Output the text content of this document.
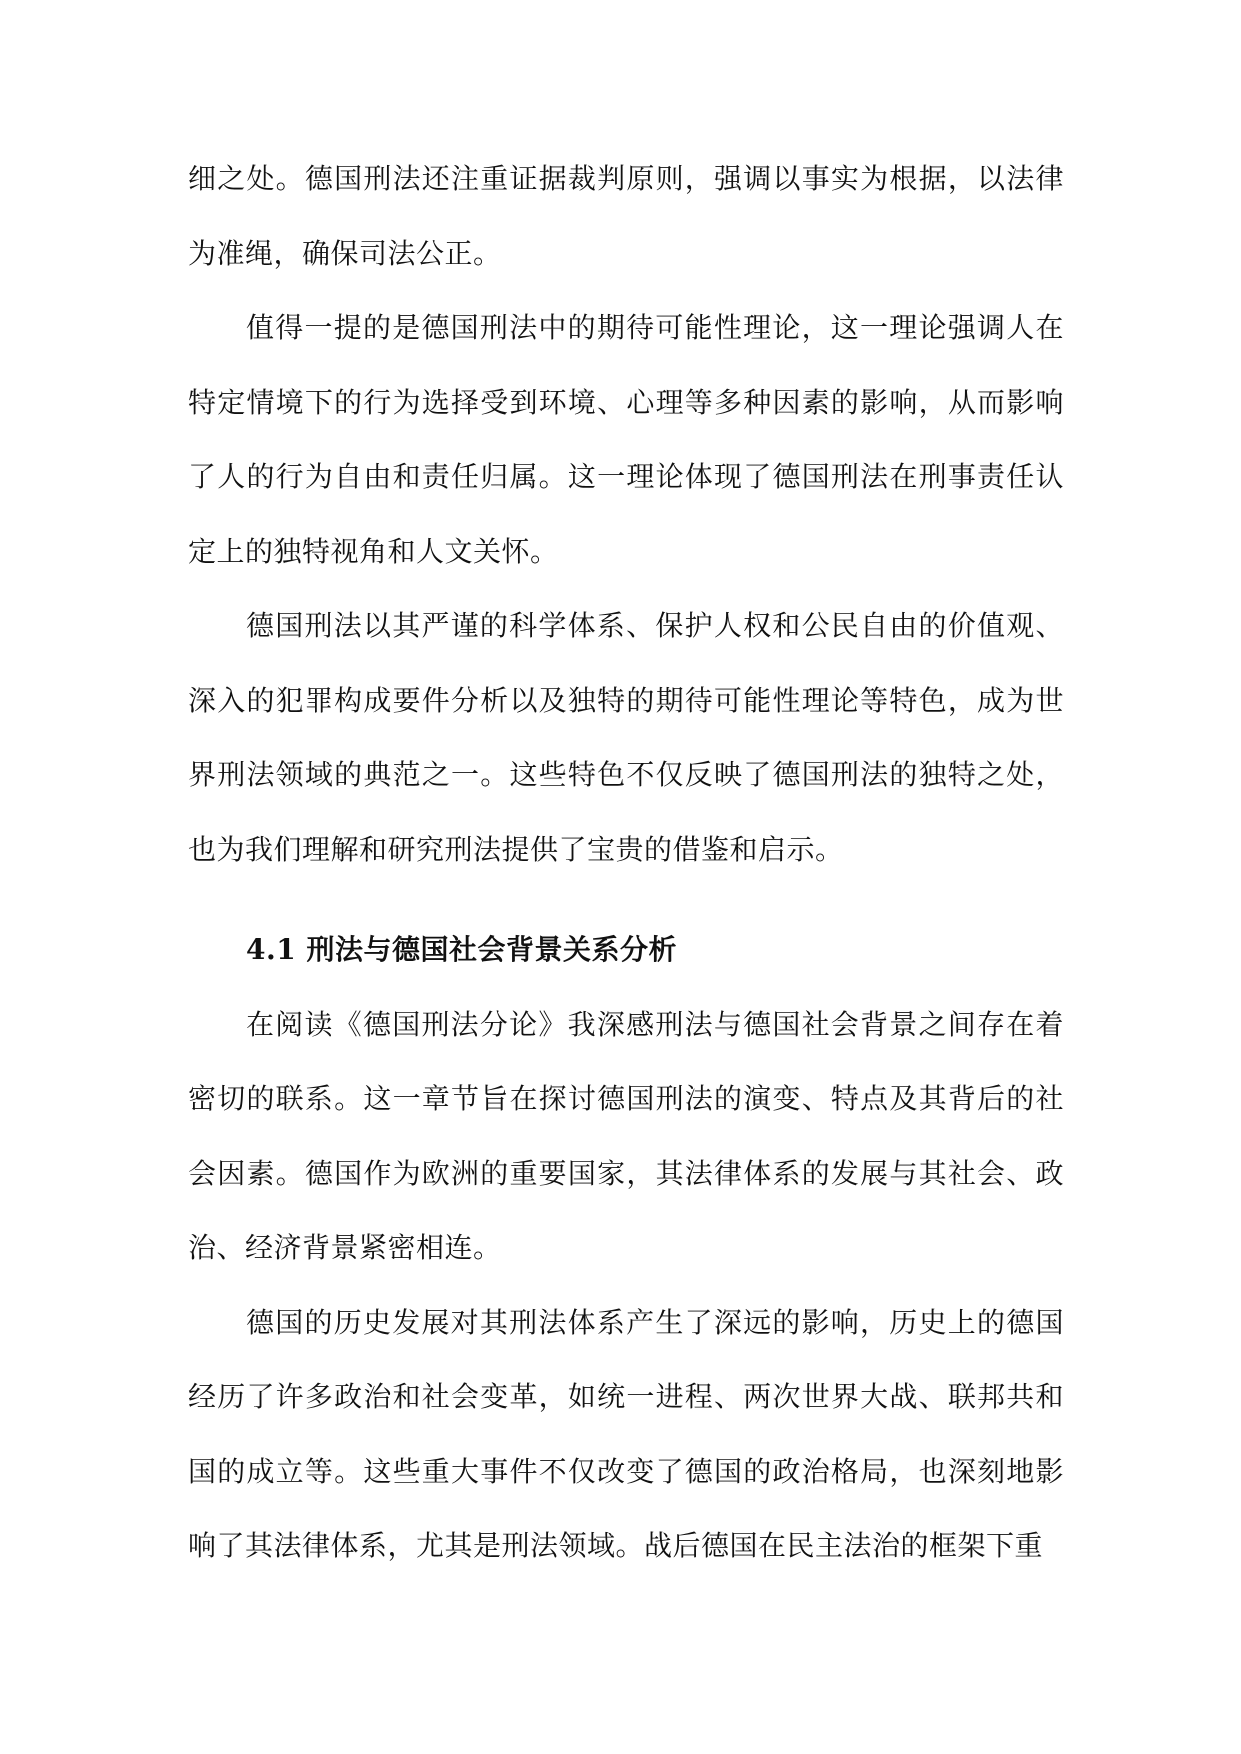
细之处。德国刑法还注重证据裁判原则，强调以事实为根据，以法律为准绳，确保司法公正。

值得一提的是德国刑法中的期待可能性理论，这一理论强调人在特定情境下的行为选择受到环境、心理等多种因素的影响，从而影响了人的行为自由和责任归属。这一理论体现了德国刑法在刑事责任认定上的独特视角和人文关怀。

德国刑法以其严谨的科学体系、保护人权和公民自由的价值观、深入的犯罪构成要件分析以及独特的期待可能性理论等特色，成为世界刑法领域的典范之一。这些特色不仅反映了德国刑法的独特之处，也为我们理解和研究刑法提供了宝贵的借鉴和启示。

4.1 刑法与德国社会背景关系分析

在阅读《德国刑法分论》我深感刑法与德国社会背景之间存在着密切的联系。这一章节旨在探讨德国刑法的演变、特点及其背后的社会因素。德国作为欧洲的重要国家，其法律体系的发展与其社会、政治、经济背景紧密相连。

德国的历史发展对其刑法体系产生了深远的影响，历史上的德国经历了许多政治和社会变革，如统一进程、两次世界大战、联邦共和国的成立等。这些重大事件不仅改变了德国的政治格局，也深刻地影响了其法律体系，尤其是刑法领域。战后德国在民主法治的框架下重
